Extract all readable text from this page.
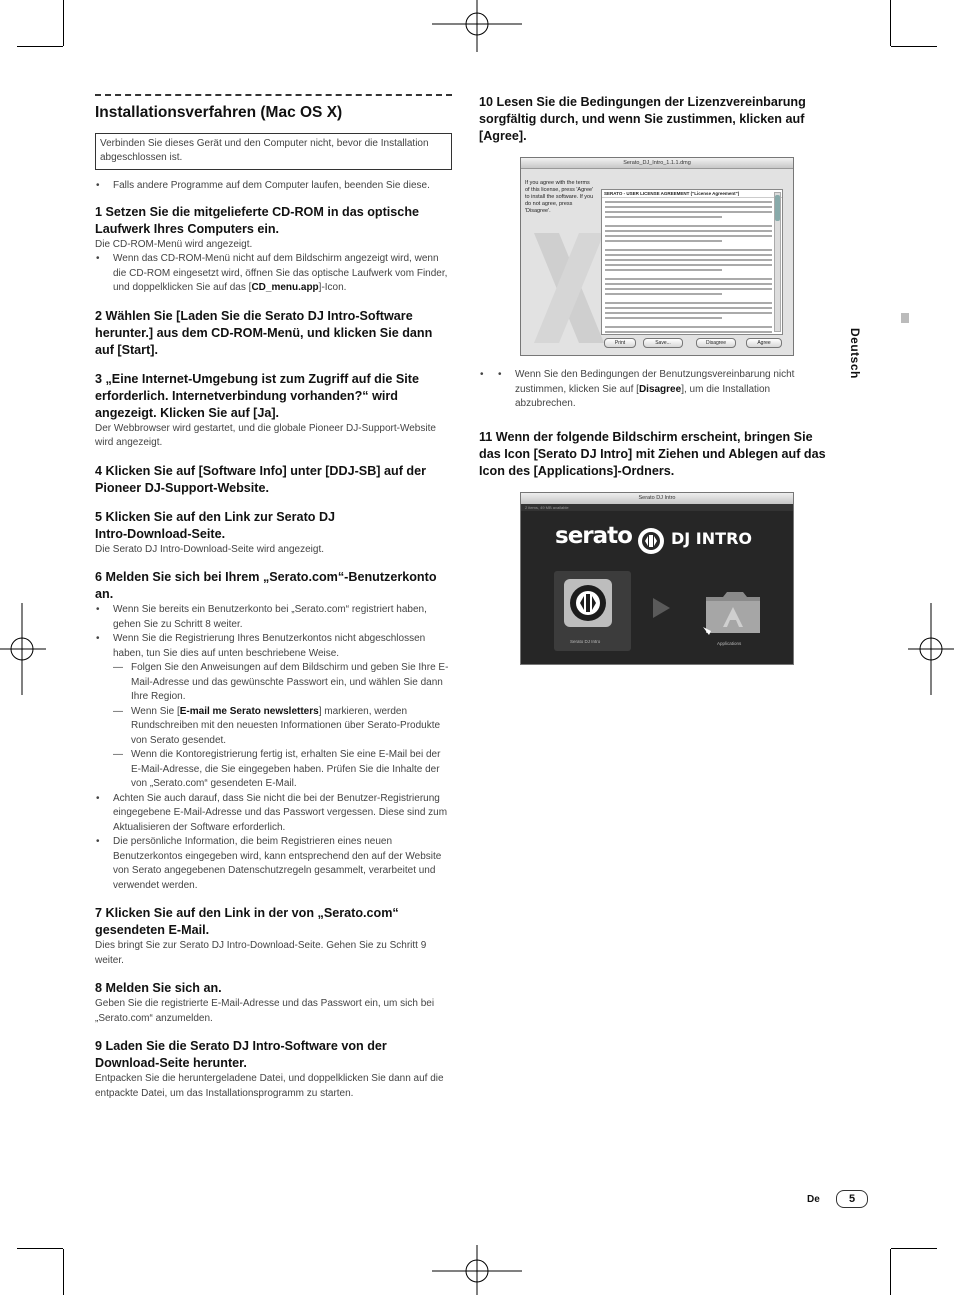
Installationsverfahren (Mac OS X)
Verbinden Sie dieses Gerät und den Computer nicht, bevor die Installation abgeschlossen ist.
• Falls andere Programme auf dem Computer laufen, beenden Sie diese.
1 Setzen Sie die mitgelieferte CD-ROM in das optische Laufwerk Ihres Computers ein.

Die CD-ROM-Menü wird angezeigt.

• Wenn das CD-ROM-Menü nicht auf dem Bildschirm angezeigt wird, wenn die CD-ROM eingesetzt wird, öffnen Sie das optische Laufwerk vom Finder, und doppelklicken Sie auf das [CD_menu.app]-Icon.
2 Wählen Sie [Laden Sie die Serato DJ Intro-Software herunter.] aus dem CD-ROM-Menü, und klicken Sie dann auf [Start].
3 „Eine Internet-Umgebung ist zum Zugriff auf die Site erforderlich. Internetverbindung vorhanden?“ wird angezeigt. Klicken Sie auf [Ja].

Der Webbrowser wird gestartet, und die globale Pioneer DJ-Support-Website wird angezeigt.

4 Klicken Sie auf [Software Info] unter [DDJ-SB] auf der Pioneer DJ-Support-Website.
5 Klicken Sie auf den Link zur Serato DJ
Intro-Download-Seite.

Die Serato DJ Intro-Download-Seite wird angezeigt.

6 Melden Sie sich bei Ihrem „Serato.com“-Benutzerkonto an.
• Wenn Sie bereits ein Benutzerkonto bei „Serato.com“ registriert haben, gehen Sie zu Schritt 8 weiter.
• Wenn Sie die Registrierung Ihres Benutzerkontos nicht abgeschlossen haben, tun Sie dies auf unten beschriebene Weise.
— Folgen Sie den Anweisungen auf dem Bildschirm und geben Sie Ihre E-Mail-Adresse und das gewünschte Passwort ein, und wählen Sie dann Ihre Region.
— Wenn Sie [E-mail me Serato newsletters] markieren, werden Rundschreiben mit den neuesten Informationen über Serato-Produkte von Serato gesendet.
— Wenn die Kontoregistrierung fertig ist, erhalten Sie eine E-Mail bei der E-Mail-Adresse, die Sie eingegeben haben. Prüfen Sie die Inhalte der von „Serato.com“ gesendeten E-Mail.
• Achten Sie auch darauf, dass Sie nicht die bei der Benutzer-Registrierung eingegebene E-Mail-Adresse und das Passwort vergessen. Diese sind zum Aktualisieren der Software erforderlich.
• Die persönliche Information, die beim Registrieren eines neuen Benutzerkontos eingegeben wird, kann entsprechend den auf der Website von Serato angegebenen Datenschutzregeln gesammelt, verarbeitet und verwendet werden.
7 Klicken Sie auf den Link in der von „Serato.com“ gesendeten E-Mail.

Dies bringt Sie zur Serato DJ Intro-Download-Seite. Gehen Sie zu Schritt 9 weiter.

8 Melden Sie sich an.

Geben Sie die registrierte E-Mail-Adresse und das Passwort ein, um sich bei „Serato.com“ anzumelden.

9 Laden Sie die Serato DJ Intro-Software von der Download-Seite herunter.

Entpacken Sie die heruntergeladene Datei, und doppelklicken Sie dann auf die entpackte Datei, um das Installationsprogramm zu starten.

10 Lesen Sie die Bedingungen der Lizenzvereinbarung sorgfältig durch, und wenn Sie zustimmen, klicken auf [Agree].
Serato_DJ_Intro_1.1.1.dmg
If you agree with the terms of this license, press 'Agree' to install the software. If you do not agree, press 'Disagree'.
SERATO - USER LICENSE AGREEMENT ("License Agreement")
Print	Save...	Disagree	Agree
• • Wenn Sie den Bedingungen der Benutzungsvereinbarung nicht zustimmen, klicken Sie auf [Disagree], um die Installation abzubrechen.
11 Wenn der folgende Bildschirm erscheint, bringen Sie das Icon [Serato DJ Intro] mit Ziehen und Ablegen auf das Icon des [Applications]-Ordners.
Serato DJ Intro
2 items, 49 MB available
serato DJ INTRO
Serato DJ Intro	Applications
Deutsch
De	5
